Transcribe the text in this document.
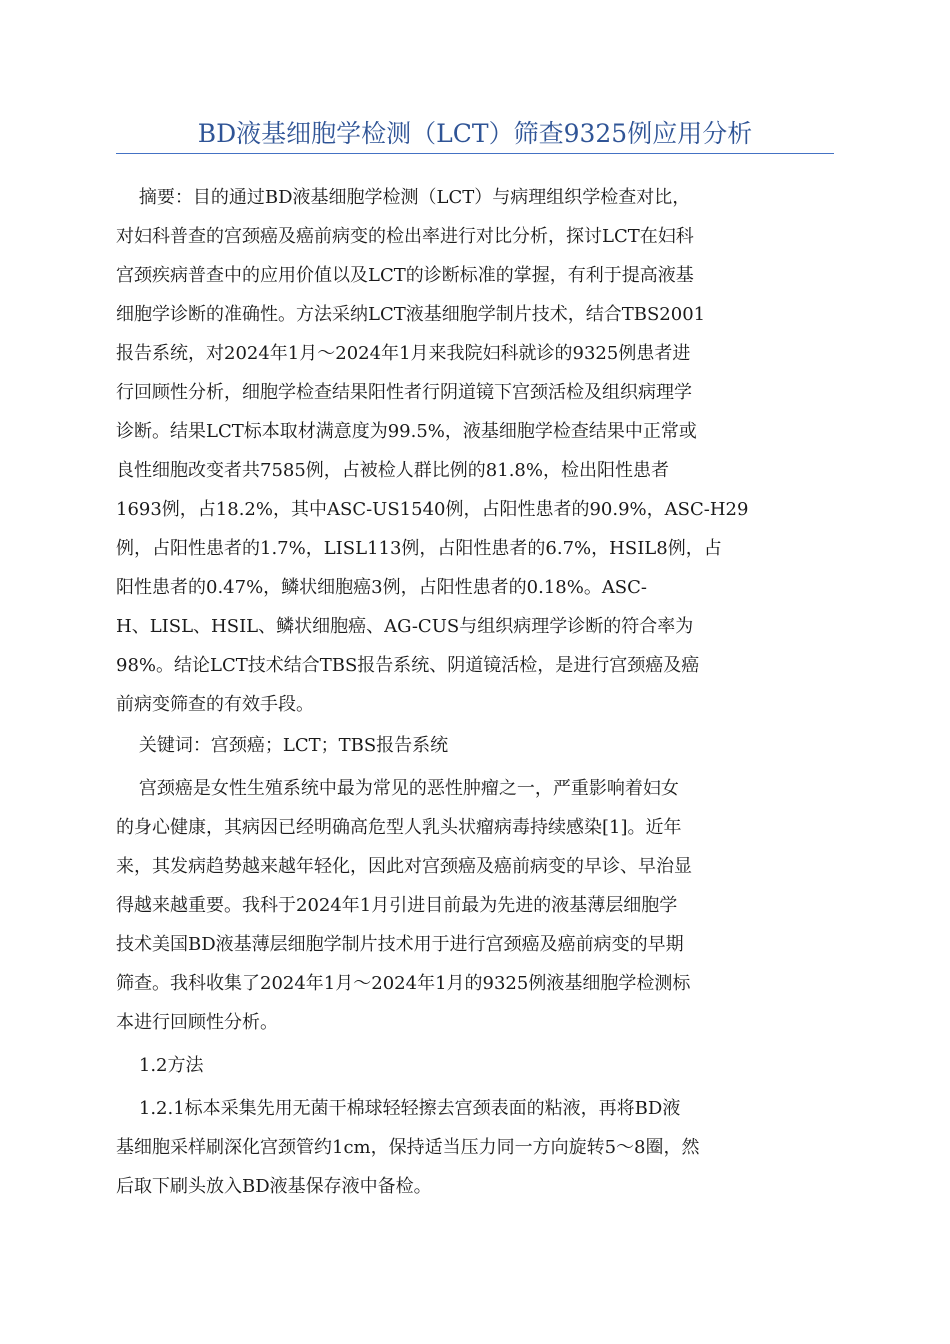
BD液基细胞学检测（LCT）筛查9325例应用分析
摘要：目的通过BD液基细胞学检测（LCT）与病理组织学检查对比，
对妇科普查的宫颈癌及癌前病变的检出率进行对比分析，探讨LCT在妇科
宫颈疾病普查中的应用价值以及LCT的诊断标准的掌握，有利于提高液基
细胞学诊断的准确性。方法采纳LCT液基细胞学制片技术，结合TBS2001
报告系统，对2024年1月～2024年1月来我院妇科就诊的9325例患者进
行回顾性分析，细胞学检查结果阳性者行阴道镜下宫颈活检及组织病理学
诊断。结果LCT标本取材满意度为99.5%，液基细胞学检查结果中正常或
良性细胞改变者共7585例，占被检人群比例的81.8%，检出阳性患者
1693例，占18.2%，其中ASC-US1540例，占阳性患者的90.9%，ASC-H29
例，占阳性患者的1.7%，LISL113例，占阳性患者的6.7%，HSIL8例，占
阳性患者的0.47%，鳞状细胞癌3例，占阳性患者的0.18%。ASC-
H、LISL、HSIL、鳞状细胞癌、AG-CUS与组织病理学诊断的符合率为
98%。结论LCT技术结合TBS报告系统、阴道镜活检，是进行宫颈癌及癌
前病变筛查的有效手段。
关键词：宫颈癌；LCT；TBS报告系统
宫颈癌是女性生殖系统中最为常见的恶性肿瘤之一，严重影响着妇女
的身心健康，其病因已经明确高危型人乳头状瘤病毒持续感染[1]。近年
来，其发病趋势越来越年轻化，因此对宫颈癌及癌前病变的早诊、早治显
得越来越重要。我科于2024年1月引进目前最为先进的液基薄层细胞学
技术美国BD液基薄层细胞学制片技术用于进行宫颈癌及癌前病变的早期
筛查。我科收集了2024年1月～2024年1月的9325例液基细胞学检测标
本进行回顾性分析。
1.2方法
1.2.1标本采集先用无菌干棉球轻轻擦去宫颈表面的粘液，再将BD液
基细胞采样刷深化宫颈管约1cm，保持适当压力同一方向旋转5～8圈，然
后取下刷头放入BD液基保存液中备检。
